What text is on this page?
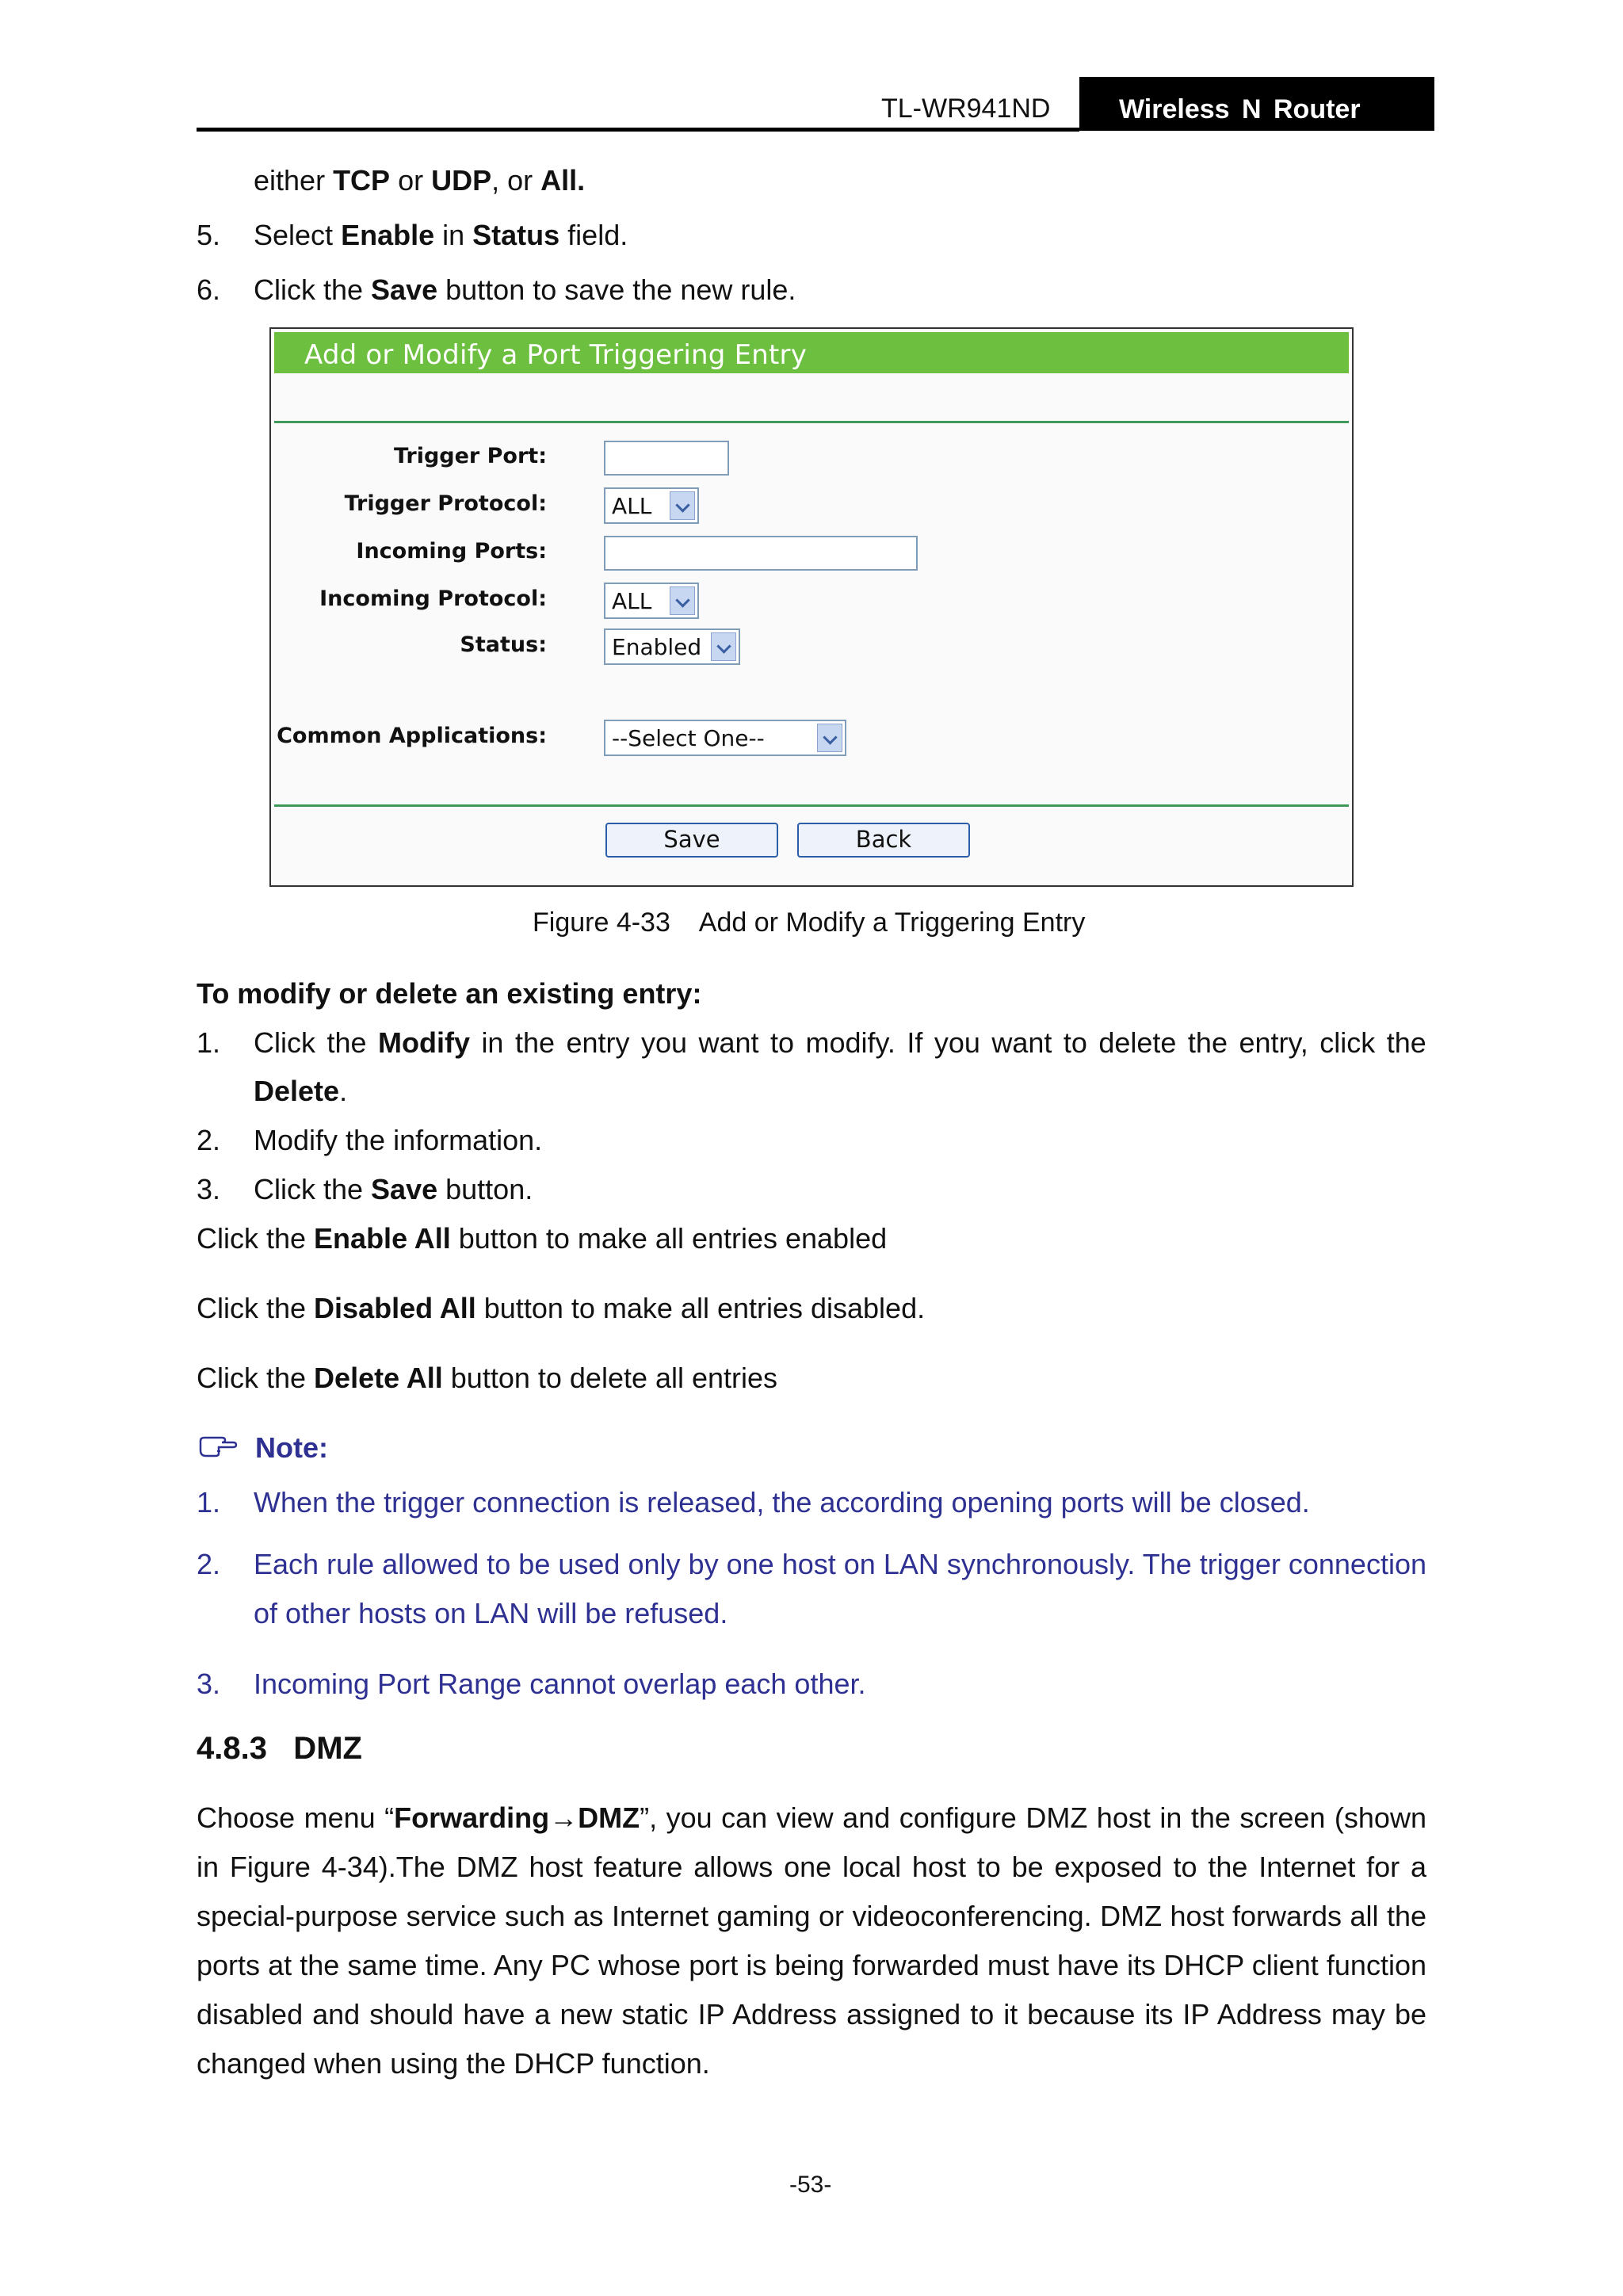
TL-WR941ND	Wireless N Router
either TCP or UDP, or All.
5. Select Enable in Status field.
6. Click the Save button to save the new rule.
Add or Modify a Port Triggering Entry
Trigger Port:
Trigger Protocol:	ALL
Incoming Ports:
Incoming Protocol:	ALL
Status:	Enabled
Common Applications:	--Select One--
Save	Back
Figure 4-33    Add or Modify a Triggering Entry
To modify or delete an existing entry:
1. Click the Modify in the entry you want to modify. If you want to delete the entry, click the
Delete.
2. Modify the information.
3. Click the Save button.
Click the Enable All button to make all entries enabled
Click the Disabled All button to make all entries disabled.
Click the Delete All button to delete all entries
Note:
1. When the trigger connection is released, the according opening ports will be closed.
2. Each rule allowed to be used only by one host on LAN synchronously. The trigger connection
of other hosts on LAN will be refused.
3. Incoming Port Range cannot overlap each other.
4.8.3   DMZ
Choose menu “Forwarding→DMZ”, you can view and configure DMZ host in the screen (shown
in Figure 4-34).The DMZ host feature allows one local host to be exposed to the Internet for a
special-purpose service such as Internet gaming or videoconferencing. DMZ host forwards all the
ports at the same time. Any PC whose port is being forwarded must have its DHCP client function
disabled and should have a new static IP Address assigned to it because its IP Address may be
changed when using the DHCP function.
-53-
